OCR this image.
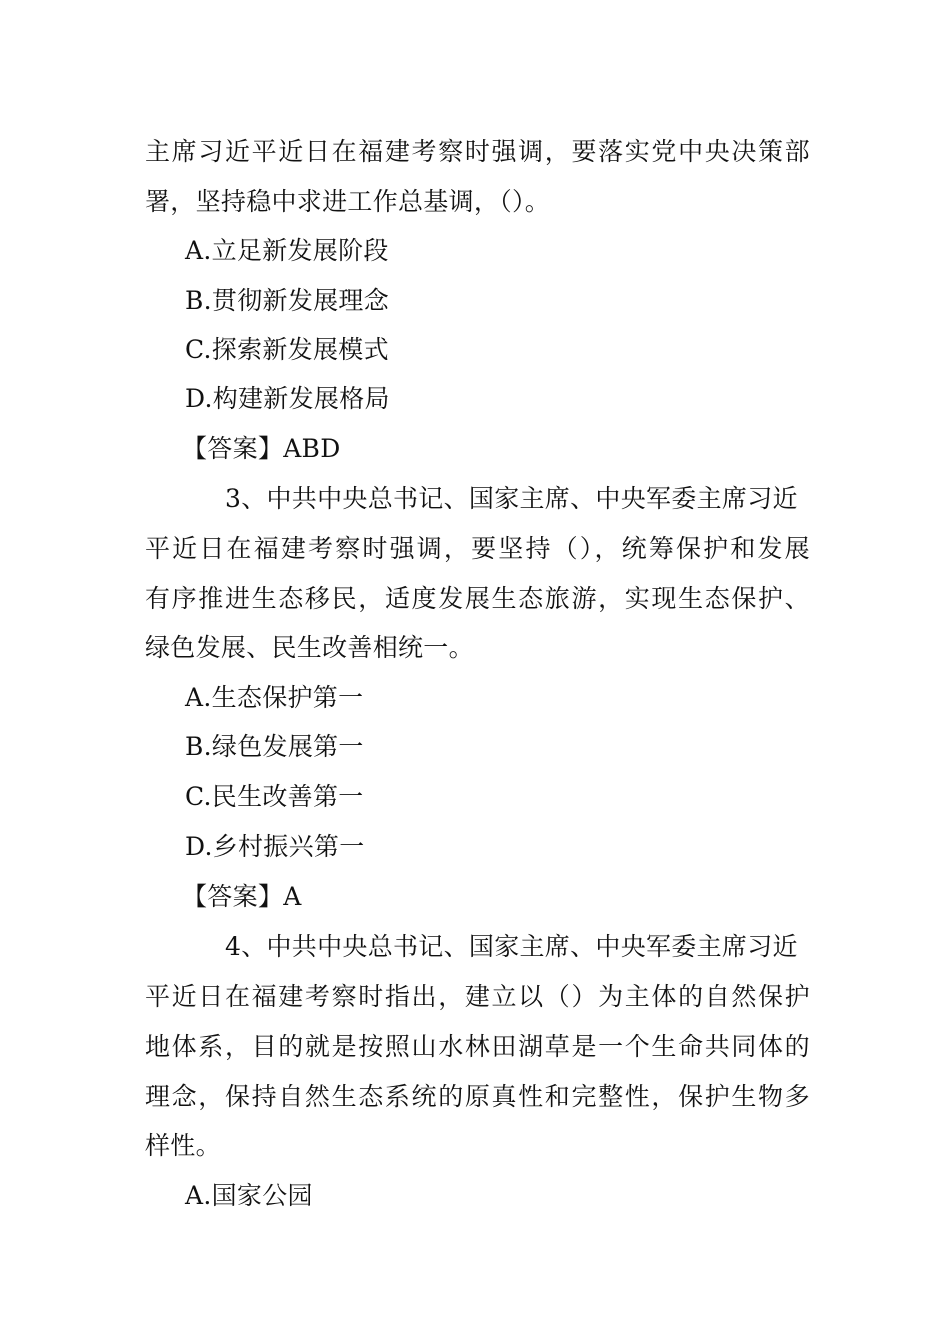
主席习近平近日在福建考察时强调，要落实党中央决策部
署，坚持稳中求进工作总基调，（）。
A.立足新发展阶段
B.贯彻新发展理念
C.探索新发展模式
D.构建新发展格局
【答案】ABD
3、中共中央总书记、国家主席、中央军委主席习近
平近日在福建考察时强调，要坚持（），统筹保护和发展
有序推进生态移民，适度发展生态旅游，实现生态保护、
绿色发展、民生改善相统一。
A.生态保护第一
B.绿色发展第一
C.民生改善第一
D.乡村振兴第一
【答案】A
4、中共中央总书记、国家主席、中央军委主席习近
平近日在福建考察时指出，建立以（）为主体的自然保护
地体系，目的就是按照山水林田湖草是一个生命共同体的
理念，保持自然生态系统的原真性和完整性，保护生物多
样性。
A.国家公园
